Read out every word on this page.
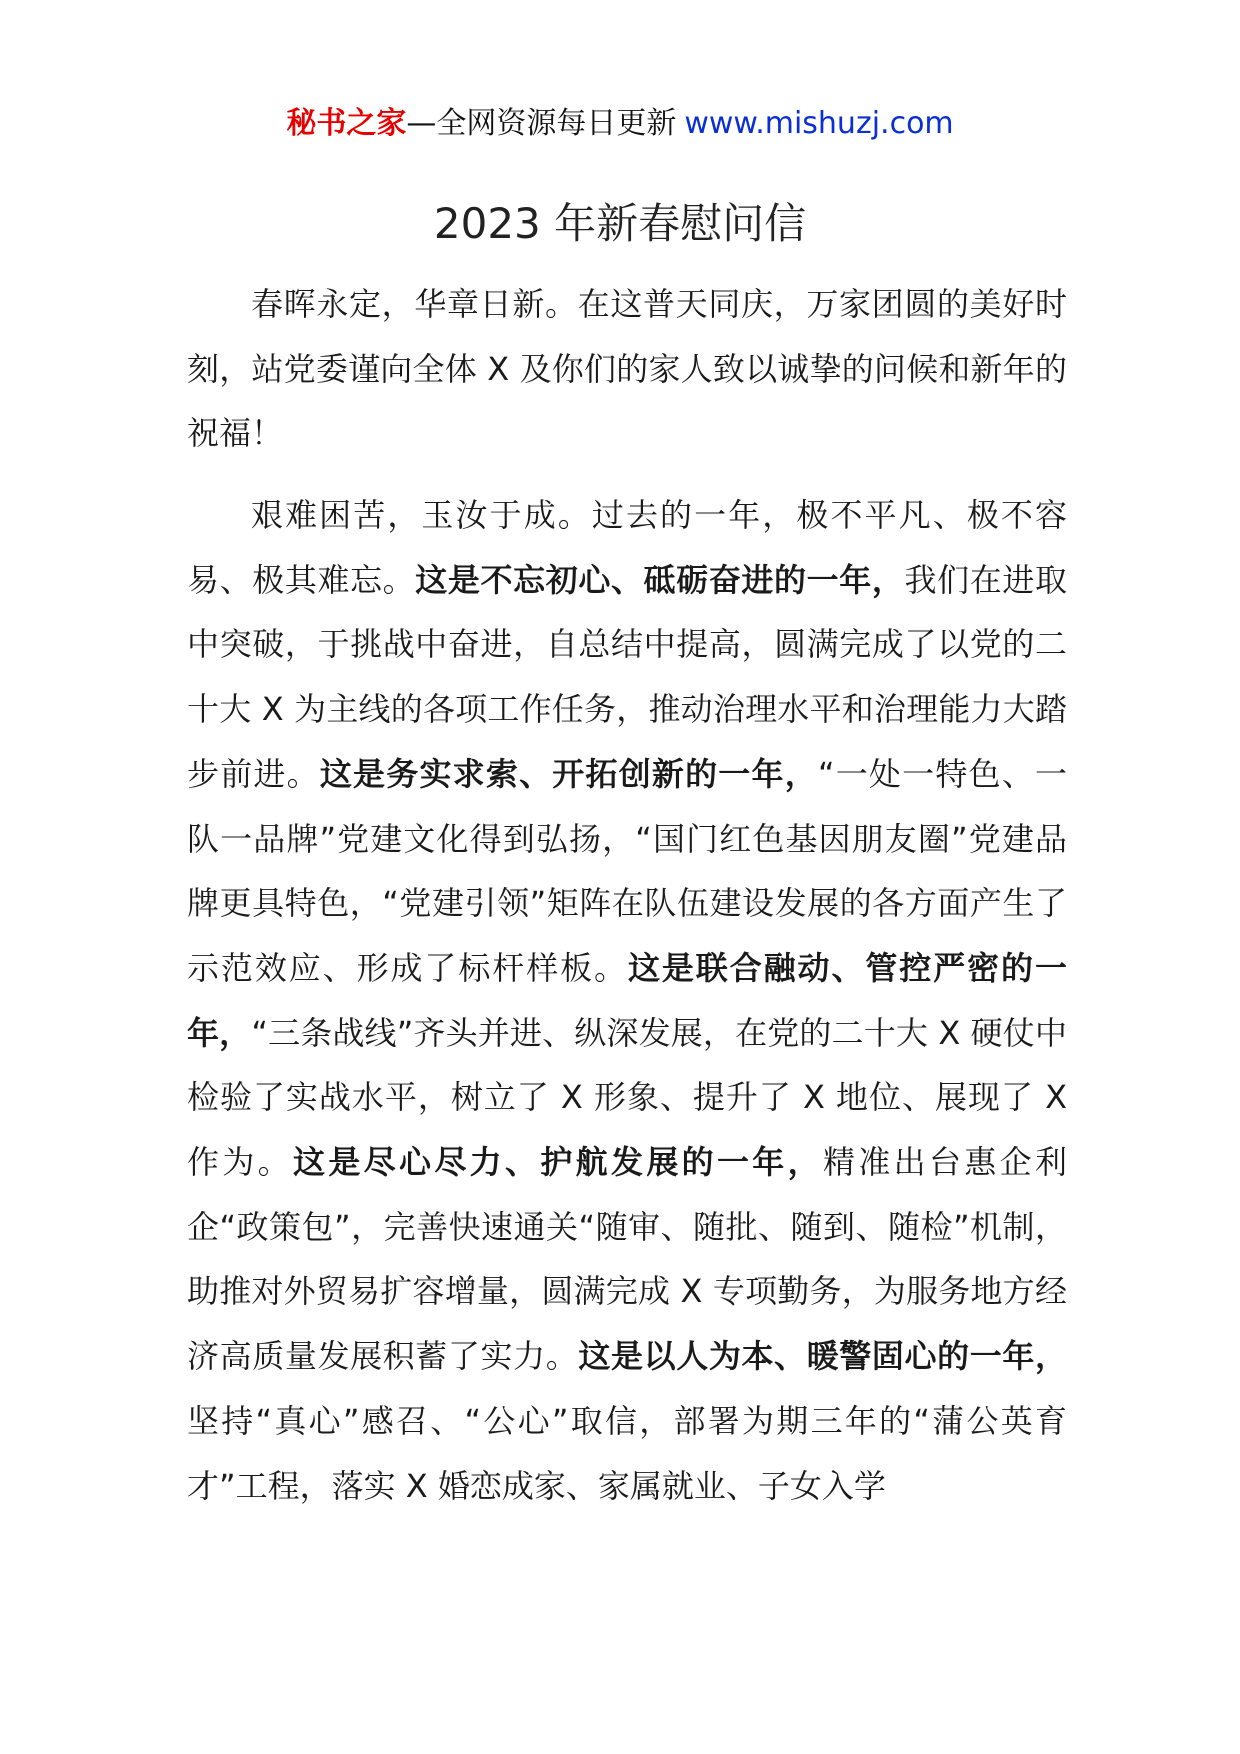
秘书之家—全网资源每日更新 www.mishuzj.com
2023 年新春慰问信

春晖永定，华章日新。在这普天同庆，万家团圆的美好时刻，站党委谨向全体 X 及你们的家人致以诚挚的问候和新年的祝福！

艰难困苦，玉汝于成。过去的一年，极不平凡、极不容易、极其难忘。这是不忘初心、砥砺奋进的一年，我们在进取中突破，于挑战中奋进，自总结中提高，圆满完成了以党的二十大 X 为主线的各项工作任务，推动治理水平和治理能力大踏步前进。这是务实求索、开拓创新的一年，“一处一特色、一队一品牌”党建文化得到弘扬，“国门红色基因朋友圈”党建品牌更具特色，“党建引领”矩阵在队伍建设发展的各方面产生了示范效应、形成了标杆样板。这是联合融动、管控严密的一年，“三条战线”齐头并进、纵深发展，在党的二十大 X 硬仗中检验了实战水平，树立了 X 形象、提升了 X 地位、展现了 X 作为。这是尽心尽力、护航发展的一年，精准出台惠企利企“政策包”，完善快速通关“随审、随批、随到、随检”机制，助推对外贸易扩容增量，圆满完成 X 专项勤务，为服务地方经济高质量发展积蓄了实力。这是以人为本、暖警固心的一年，坚持“真心”感召、“公心”取信，部署为期三年的“蒲公英育才”工程，落实 X 婚恋成家、家属就业、子女入学
